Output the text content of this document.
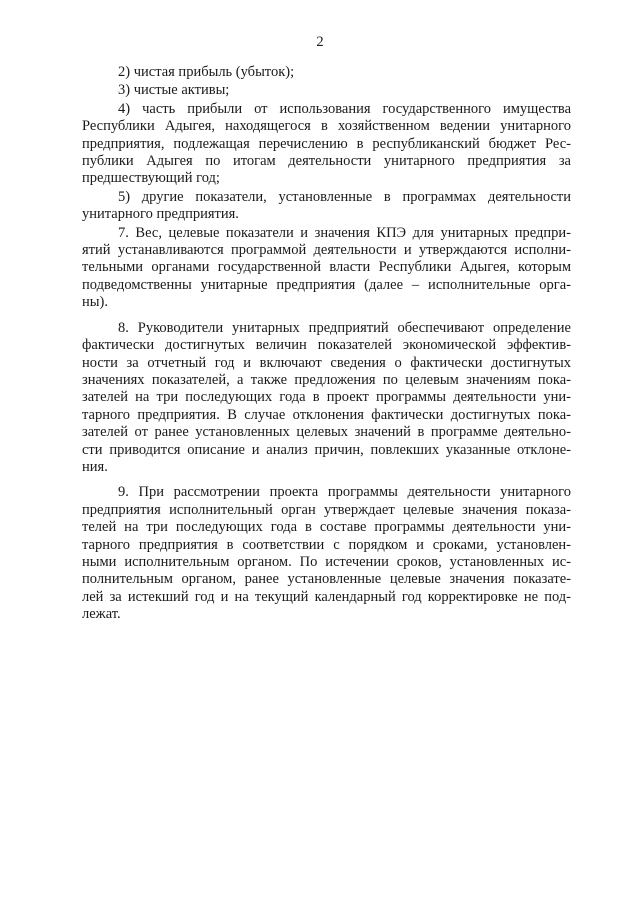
2
2) чистая прибыль (убыток);
3) чистые активы;
4) часть прибыли от использования государственного имущества
Республики Адыгея, находящегося в хозяйственном ведении унитарного
предприятия, подлежащая перечислению в республиканский бюджет Рес-
публики Адыгея по итогам деятельности унитарного предприятия за
предшествующий год;
5) другие показатели, установленные в программах деятельности
унитарного предприятия.
7. Вес, целевые показатели и значения КПЭ для унитарных предпри-
ятий устанавливаются программой деятельности и утверждаются исполни-
тельными органами государственной власти Республики Адыгея, которым
подведомственны унитарные предприятия (далее – исполнительные орга-
ны).
8. Руководители унитарных предприятий обеспечивают определение
фактически достигнутых величин показателей экономической эффектив-
ности за отчетный год и включают сведения о фактически достигнутых
значениях показателей, а также предложения по целевым значениям пока-
зателей на три последующих года в проект программы деятельности уни-
тарного предприятия. В случае отклонения фактически достигнутых пока-
зателей от ранее установленных целевых значений в программе деятельно-
сти приводится описание и анализ причин, повлекших указанные отклоне-
ния.
9. При рассмотрении проекта программы деятельности унитарного
предприятия исполнительный орган утверждает целевые значения показа-
телей на три последующих года в составе программы деятельности уни-
тарного предприятия в соответствии с порядком и сроками, установлен-
ными исполнительным органом. По истечении сроков, установленных ис-
полнительным органом, ранее установленные целевые значения показате-
лей за истекший год и на текущий календарный год корректировке не под-
лежат.
